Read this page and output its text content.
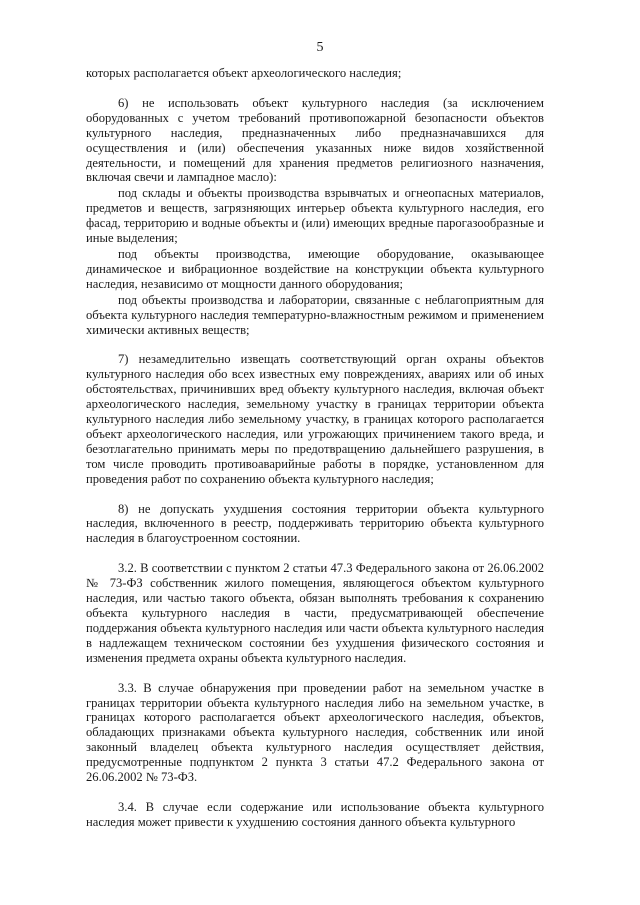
5

которых располагается объект археологического наследия;

6) не использовать объект культурного наследия (за исключением оборудованных с учетом требований противопожарной безопасности объектов культурного наследия, предназначенных либо предназначавшихся для осуществления и (или) обеспечения указанных ниже видов хозяйственной деятельности, и помещений для хранения предметов религиозного назначения, включая свечи и лампадное масло):

под склады и объекты производства взрывчатых и огнеопасных материалов, предметов и веществ, загрязняющих интерьер объекта культурного наследия, его фасад, территорию и водные объекты и (или) имеющих вредные парогазообразные и иные выделения;

под объекты производства, имеющие оборудование, оказывающее динамическое и вибрационное воздействие на конструкции объекта культурного наследия, независимо от мощности данного оборудования;

под объекты производства и лаборатории, связанные с неблагоприятным для объекта культурного наследия температурно-влажностным режимом и применением химически активных веществ;

7) незамедлительно извещать соответствующий орган охраны объектов культурного наследия обо всех известных ему повреждениях, авариях или об иных обстоятельствах, причинивших вред объекту культурного наследия, включая объект археологического наследия, земельному участку в границах территории объекта культурного наследия либо земельному участку, в границах которого располагается объект археологического наследия, или угрожающих причинением такого вреда, и безотлагательно принимать меры по предотвращению дальнейшего разрушения, в том числе проводить противоаварийные работы в порядке, установленном для проведения работ по сохранению объекта культурного наследия;

8) не допускать ухудшения состояния территории объекта культурного наследия, включенного в реестр, поддерживать территорию объекта культурного наследия в благоустроенном состоянии.

3.2. В соответствии с пунктом 2 статьи 47.3 Федерального закона от 26.06.2002 № 73-ФЗ собственник жилого помещения, являющегося объектом культурного наследия, или частью такого объекта, обязан выполнять требования к сохранению объекта культурного наследия в части, предусматривающей обеспечение поддержания объекта культурного наследия или части объекта культурного наследия в надлежащем техническом состоянии без ухудшения физического состояния и изменения предмета охраны объекта культурного наследия.

3.3. В случае обнаружения при проведении работ на земельном участке в границах территории объекта культурного наследия либо на земельном участке, в границах которого располагается объект археологического наследия, объектов, обладающих признаками объекта культурного наследия, собственник или иной законный владелец объекта культурного наследия осуществляет действия, предусмотренные подпунктом 2 пункта 3 статьи 47.2 Федерального закона от 26.06.2002 № 73-ФЗ.

3.4. В случае если содержание или использование объекта культурного наследия может привести к ухудшению состояния данного объекта культурного
